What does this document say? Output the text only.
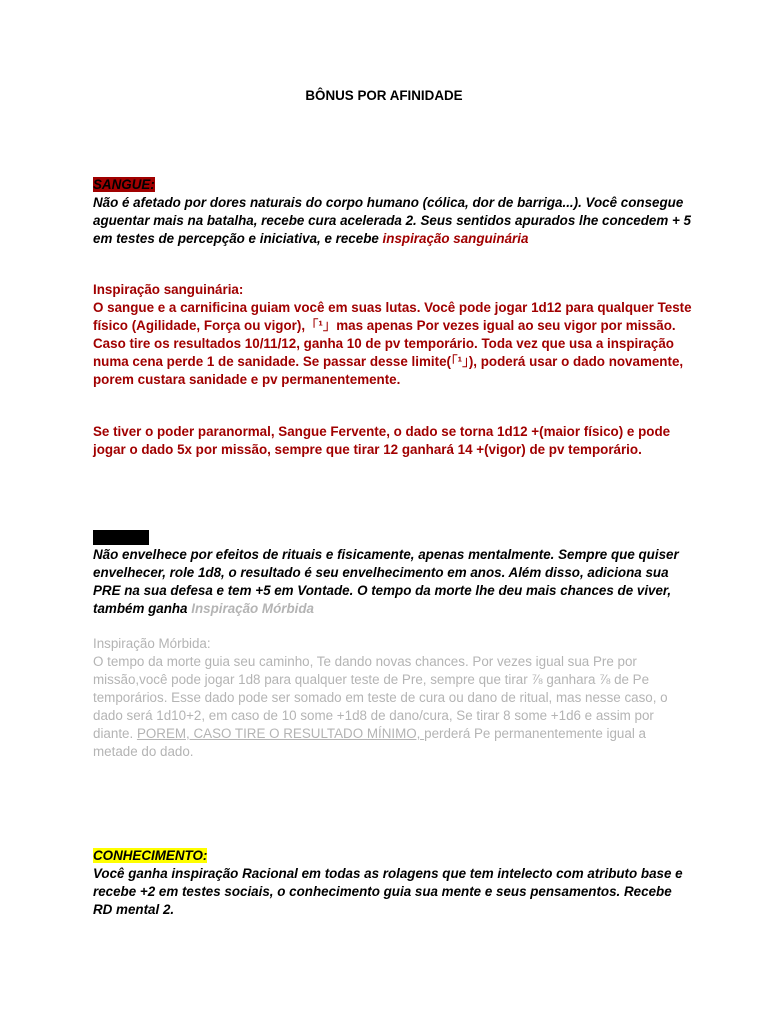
BÔNUS POR AFINIDADE
SANGUE:
Não é afetado por dores naturais do corpo humano (cólica, dor de barriga...). Você consegue aguentar mais na batalha, recebe cura acelerada 2. Seus sentidos apurados lhe concedem + 5 em testes de percepção e iniciativa, e recebe inspiração sanguinária
Inspiração sanguinária:
O sangue e a carnificina guiam você em suas lutas. Você pode jogar 1d12 para qualquer Teste físico (Agilidade, Força ou vigor),「¹」mas apenas Por vezes igual ao seu vigor por missão. Caso tire os resultados 10/11/12, ganha 10 de pv temporário. Toda vez que usa a inspiração numa cena perde 1 de sanidade. Se passar desse limite(「¹」), poderá usar o dado novamente, porem custara sanidade e pv permanentemente.
Se tiver o poder paranormal, Sangue Fervente, o dado se torna 1d12 +(maior físico) e pode jogar o dado 5x por missão, sempre que tirar 12 ganhará 14 +(vigor) de pv temporário.
Não envelhece por efeitos de rituais e fisicamente, apenas mentalmente. Sempre que quiser envelhecer, role 1d8, o resultado é seu envelhecimento em anos. Além disso, adiciona sua PRE na sua defesa e tem +5 em Vontade. O tempo da morte lhe deu mais chances de viver, também ganha Inspiração Mórbida
Inspiração Mórbida:
O tempo da morte guia seu caminho, Te dando novas chances. Por vezes igual sua Pre por missão,você pode jogar 1d8 para qualquer teste de Pre, sempre que tirar ⅞ ganhara ⅞ de Pe temporários. Esse dado pode ser somado em teste de cura ou dano de ritual, mas nesse caso, o dado será 1d10+2, em caso de 10 some +1d8 de dano/cura, Se tirar 8 some +1d6 e assim por diante. POREM, CASO TIRE O RESULTADO MÍNIMO, perderá Pe permanentemente igual a metade do dado.
CONHECIMENTO:
Você ganha inspiração Racional em todas as rolagens que tem intelecto com atributo base e recebe +2 em testes sociais, o conhecimento guia sua mente e seus pensamentos. Recebe RD mental 2.
